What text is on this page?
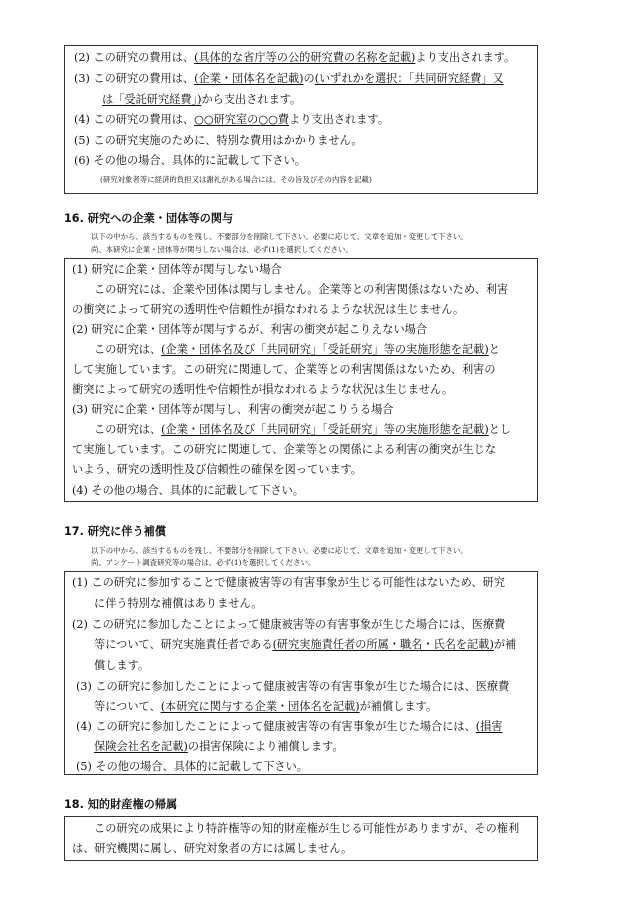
(2) この研究の費用は、(具体的な省庁等の公的研究費の名称を記載)より支出されます。
(3) この研究の費用は、(企業・団体名を記載)の(いずれかを選択：「共同研究経費」又
は「受託研究経費」)から支出されます。
(4) この研究の費用は、○○研究室の○○費より支出されます。
(5) この研究実施のために、特別な費用はかかりません。
(6) その他の場合、具体的に記載して下さい。
(研究対象者等に経済的負担又は謝礼がある場合には、その旨及びその内容を記載)
16. 研究への企業・団体等の関与
以下の中から、該当するものを残し、不要部分を削除して下さい。必要に応じて、文章を追加・変更して下さい。
尚、本研究に企業・団体等が関与しない場合は、必ず(1)を選択してください。
(1) 研究に企業・団体等が関与しない場合
この研究には、企業や団体は関与しません。企業等との利害関係はないため、利害
の衝突によって研究の透明性や信頼性が損なわれるような状況は生じません。
(2) 研究に企業・団体等が関与するが、利害の衝突が起こりえない場合
この研究は、(企業・団体名及び「共同研究」「受託研究」等の実施形態を記載)と
して実施しています。この研究に関連して、企業等との利害関係はないため、利害の
衝突によって研究の透明性や信頼性が損なわれるような状況は生じません。
(3) 研究に企業・団体等が関与し、利害の衝突が起こりうる場合
この研究は、(企業・団体名及び「共同研究」「受託研究」等の実施形態を記載)とし
て実施しています。この研究に関連して、企業等との関係による利害の衝突が生じな
いよう、研究の透明性及び信頼性の確保を図っています。
(4) その他の場合、具体的に記載して下さい。
17. 研究に伴う補償
以下の中から、該当するものを残し、不要部分を削除して下さい。必要に応じて、文章を追加・変更して下さい。
尚、アンケート調査研究等の場合は、必ず(1)を選択してください。
(1) この研究に参加することで健康被害等の有害事象が生じる可能性はないため、研究
に伴う特別な補償はありません。
(2) この研究に参加したことによって健康被害等の有害事象が生じた場合には、医療費
等について、研究実施責任者である(研究実施責任者の所属・職名・氏名を記載)が補
償します。
(3) この研究に参加したことによって健康被害等の有害事象が生じた場合には、医療費
等について、(本研究に関与する企業・団体名を記載)が補償します。
(4) この研究に参加したことによって健康被害等の有害事象が生じた場合には、(損害
保険会社名を記載)の損害保険により補償します。
(5) その他の場合、具体的に記載して下さい。
18. 知的財産権の帰属
この研究の成果により特許権等の知的財産権が生じる可能性がありますが、その権利
は、研究機関に属し、研究対象者の方には属しません。
